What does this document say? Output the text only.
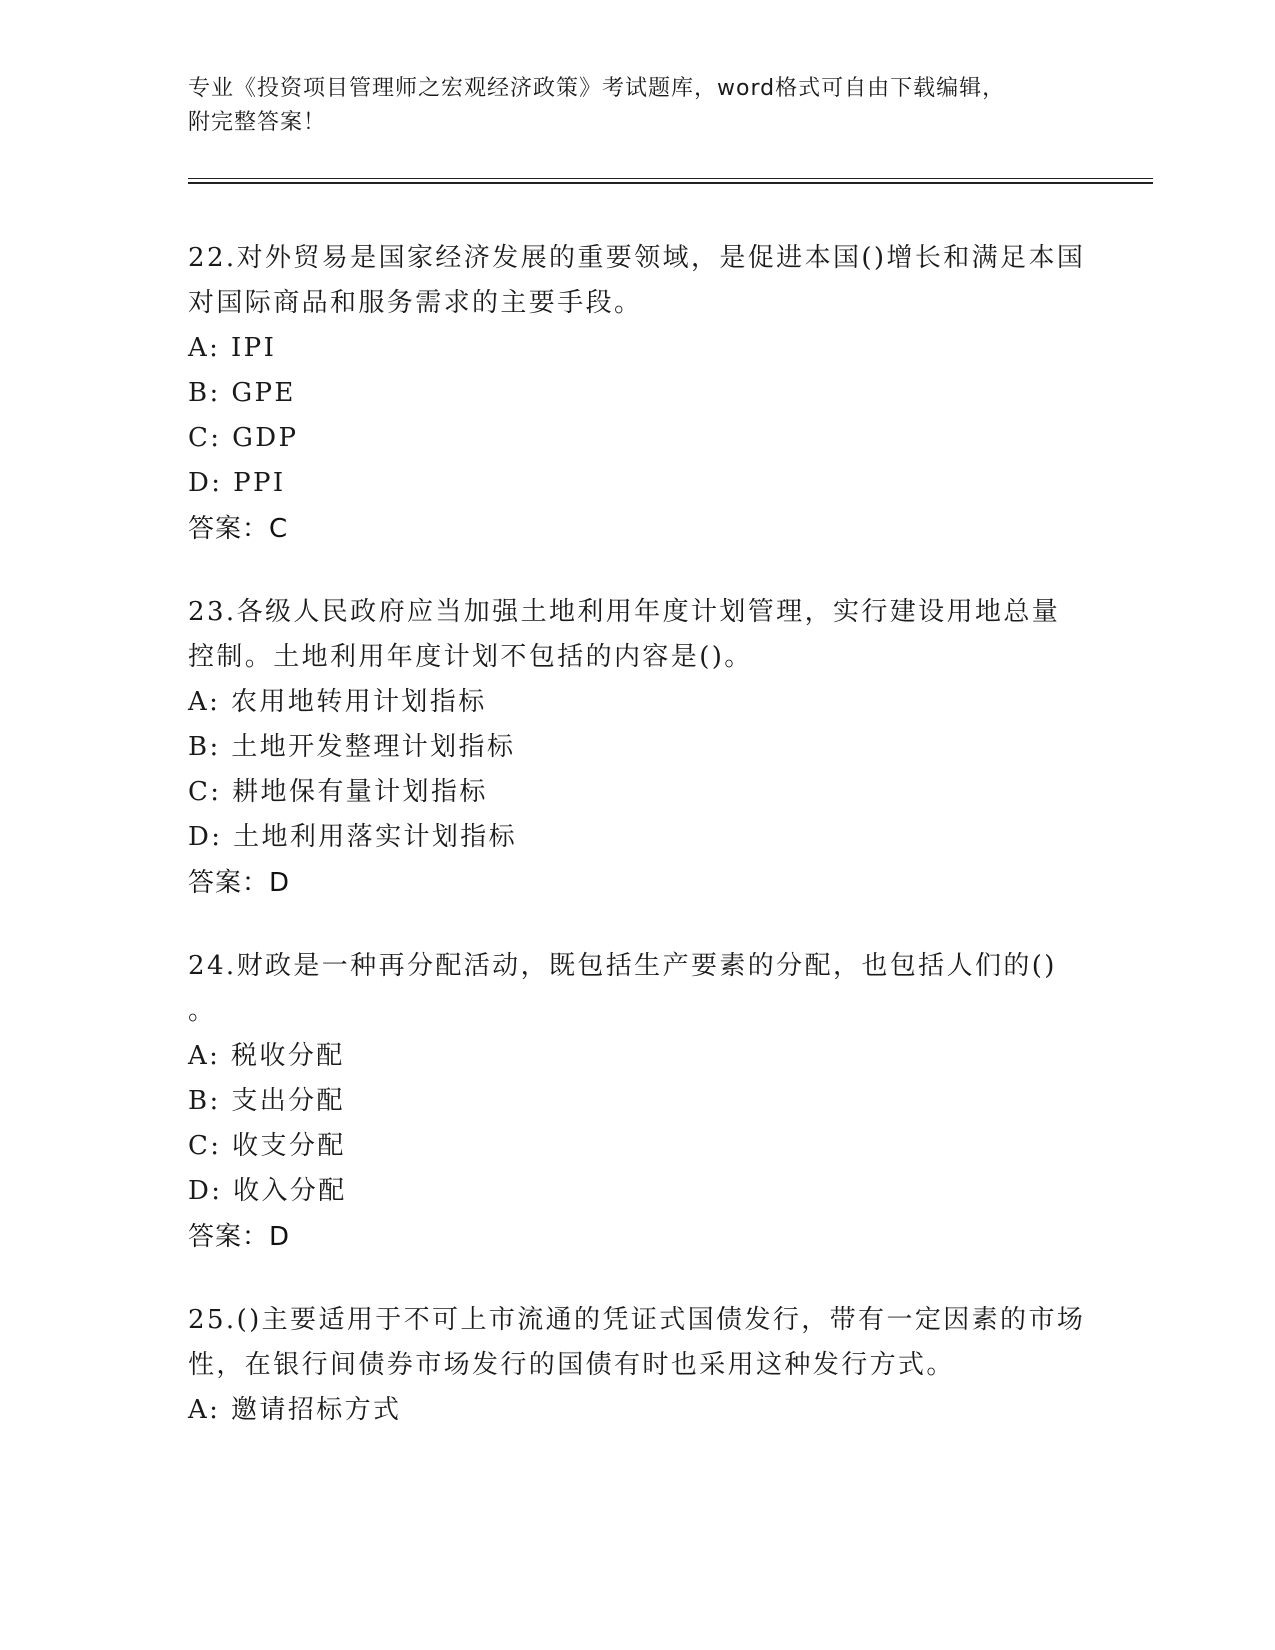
专业《投资项目管理师之宏观经济政策》考试题库，word格式可自由下载编辑，

附完整答案！

22.对外贸易是国家经济发展的重要领域，是促进本国()增长和满足本国对国际商品和服务需求的主要手段。

A: IPI

B: GPE

C: GDP

D: PPI

答案：C

23.各级人民政府应当加强土地利用年度计划管理，实行建设用地总量控制。土地利用年度计划不包括的内容是()。

A: 农用地转用计划指标

B: 土地开发整理计划指标

C: 耕地保有量计划指标

D: 土地利用落实计划指标

答案：D

24.财政是一种再分配活动，既包括生产要素的分配，也包括人们的()

。

A: 税收分配

B: 支出分配

C: 收支分配

D: 收入分配

答案：D

25.()主要适用于不可上市流通的凭证式国债发行，带有一定因素的市场性，在银行间债券市场发行的国债有时也采用这种发行方式。

A: 邀请招标方式
